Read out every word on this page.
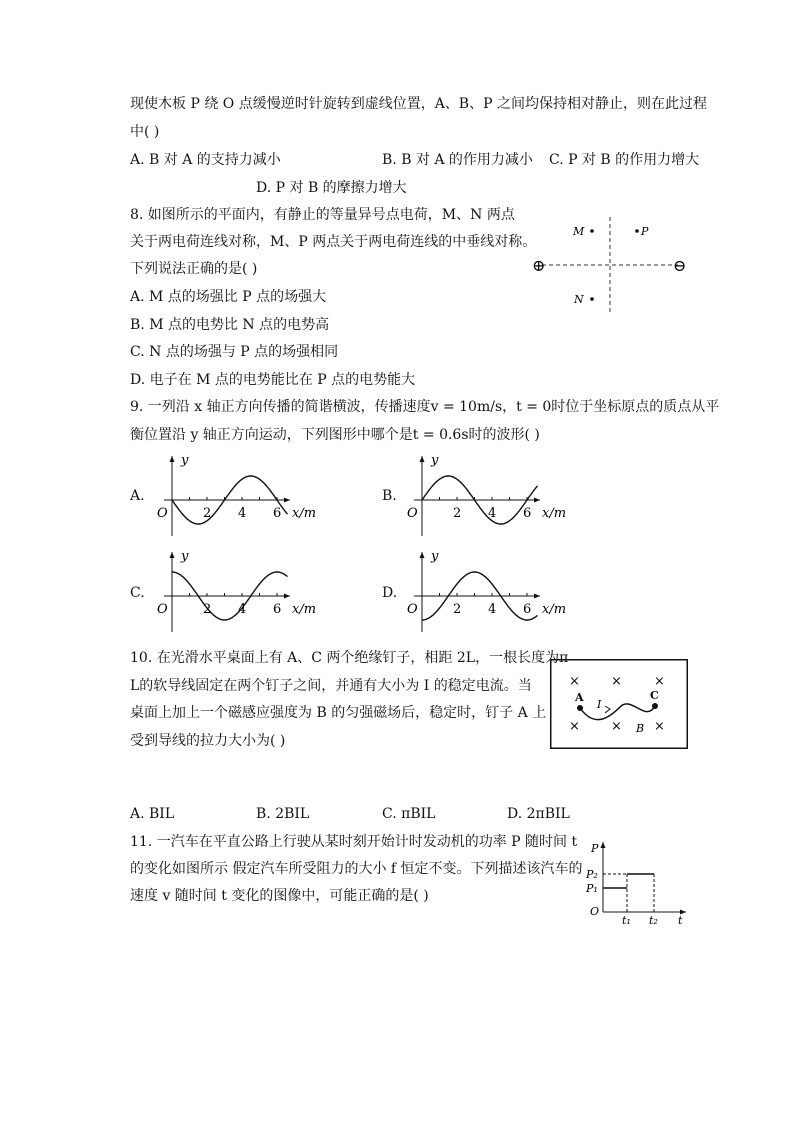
现使木板 P 绕 O 点缓慢逆时针旋转到虚线位置，A、B、P 之间均保持相对静止，则在此过程
中( )
A. B 对 A 的支持力减小	B. B 对 A 的作用力减小 C. P 对 B 的作用力增大
D. P 对 B 的摩擦力增大
8. 如图所示的平面内，有静止的等量异号点电荷，M、N 两点
关于两电荷连线对称，M、P 两点关于两电荷连线的中垂线对称。
下列说法正确的是( )
A. M 点的场强比 P 点的场强大
B. M 点的电势比 N 点的电势高
C. N 点的场强与 P 点的场强相同
D. 电子在 M 点的电势能比在 P 点的电势能大
M	P
N
⊕	⊖
9. 一列沿 x 轴正方向传播的简谐横波，传播速度v = 10m/s，t = 0时位于坐标原点的质点从平
衡位置沿 y 轴正方向运动，下列图形中哪个是t = 0.6s时的波形( )
A.	B.
C.	D.
y
O	2 4 6 x/m
y
O	2 4 6 x/m
y
O	2 4 6 x/m
y
O	2 4 6 x/m
10. 在光滑水平桌面上有 A、C 两个绝缘钉子，相距 2L，一根长度为π
L的软导线固定在两个钉子之间，并通有大小为 I 的稳定电流。当
桌面上加上一个磁感应强度为 B 的匀强磁场后，稳定时，钉子 A 上
受到导线的拉力大小为( )
× × ×
× × ×
A	C
I
B
A. BIL	B. 2BIL	C. πBIL	D. 2πBIL
11. 一汽车在平直公路上行驶从某时刻开始计时发动机的功率 P 随时间 t
的变化如图所示 假定汽车所受阻力的大小 f 恒定不变。下列描述该汽车的
速度 v 随时间 t 变化的图像中，可能正确的是( )
P
P₂
P₁
O
t₁ t₂ t
